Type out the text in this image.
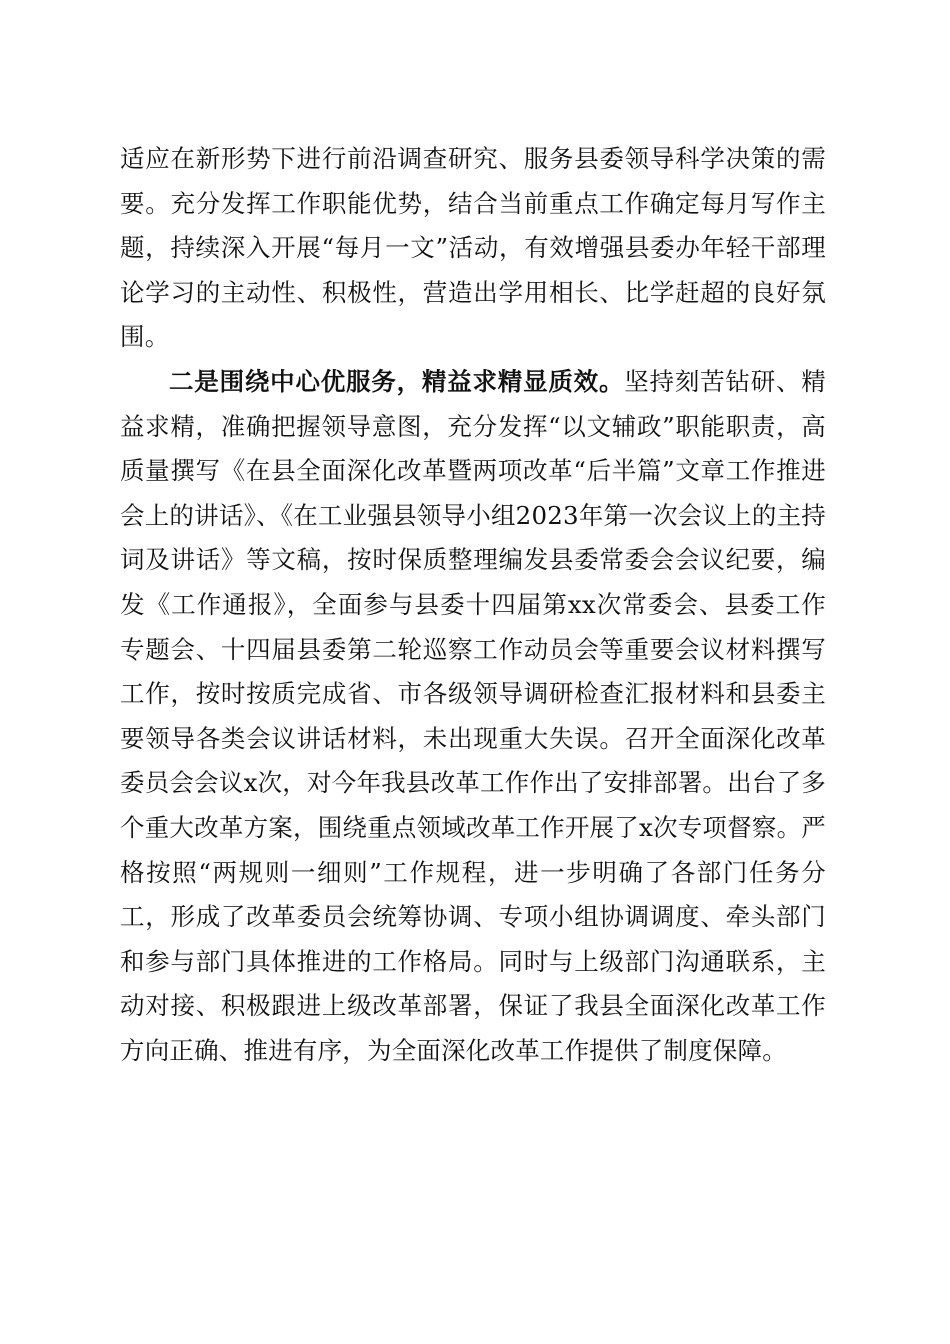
适应在新形势下进行前沿调查研究、服务县委领导科学决策的需要。充分发挥工作职能优势，结合当前重点工作确定每月写作主题，持续深入开展“每月一文”活动，有效增强县委办年轻干部理论学习的主动性、积极性，营造出学用相长、比学赶超的良好氛围。

二是围绕中心优服务，精益求精显质效。坚持刻苦钻研、精益求精，准确把握领导意图，充分发挥“以文辅政”职能职责，高质量撰写《在县全面深化改革暨两项改革“后半篇”文章工作推进会上的讲话》、《在工业强县领导小组2023年第一次会议上的主持词及讲话》等文稿，按时保质整理编发县委常委会会议纪要，编发《工作通报》，全面参与县委十四届第xx次常委会、县委工作专题会、十四届县委第二轮巡察工作动员会等重要会议材料撰写工作，按时按质完成省、市各级领导调研检查汇报材料和县委主要领导各类会议讲话材料，未出现重大失误。召开全面深化改革委员会会议x次，对今年我县改革工作作出了安排部署。出台了多个重大改革方案，围绕重点领域改革工作开展了x次专项督察。严格按照“两规则一细则”工作规程，进一步明确了各部门任务分工，形成了改革委员会统筹协调、专项小组协调调度、牵头部门和参与部门具体推进的工作格局。同时与上级部门沟通联系，主动对接、积极跟进上级改革部署，保证了我县全面深化改革工作方向正确、推进有序，为全面深化改革工作提供了制度保障。
